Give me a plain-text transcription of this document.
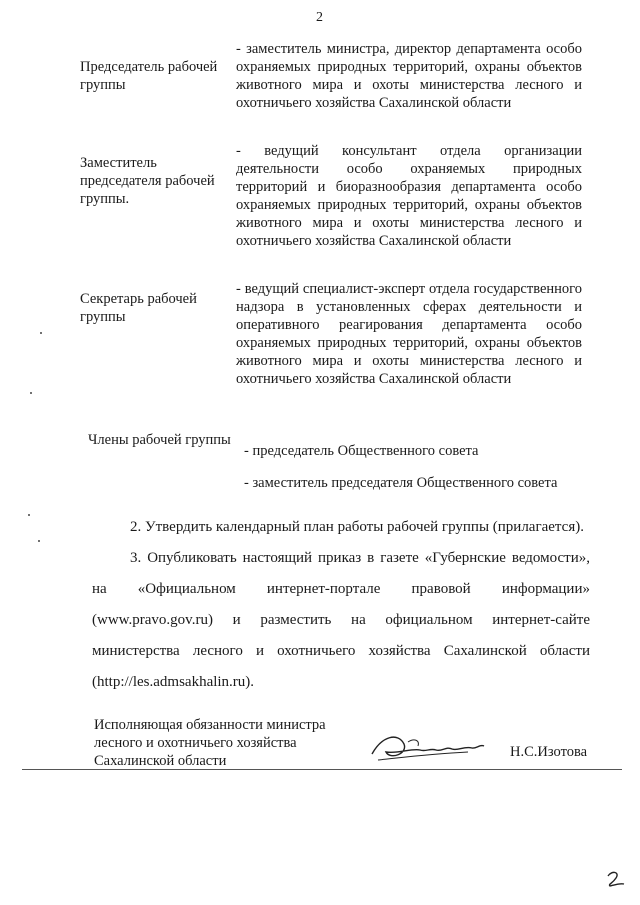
2
Председатель рабочей группы
- заместитель министра, директор департамента особо охраняемых природных территорий, охраны объектов животного мира и охоты министерства лесного и охотничьего хозяйства Сахалинской области
Заместитель председателя рабочей группы.
- ведущий консультант отдела организации деятельности особо охраняемых природных территорий и биоразнообразия департамента особо охраняемых природных территорий, охраны объектов животного мира и охоты министерства лесного и охотничьего хозяйства Сахалинской области
Секретарь рабочей группы
- ведущий специалист-эксперт отдела государственного надзора в установленных сферах деятельности и оперативного реагирования департамента особо охраняемых природных территорий, охраны объектов животного мира и охоты министерства лесного и охотничьего хозяйства Сахалинской области
Члены рабочей группы
- председатель Общественного совета
- заместитель председателя Общественного совета
2. Утвердить календарный план работы рабочей группы (прилагается).
3. Опубликовать настоящий приказ в газете «Губернские ведомости», на «Официальном интернет-портале правовой информации» (www.pravo.gov.ru) и разместить на официальном интернет-сайте министерства лесного и охотничьего хозяйства Сахалинской области (http://les.admsakhalin.ru).
Исполняющая обязанности министра лесного и охотничьего хозяйства Сахалинской области
Н.С.Изотова
